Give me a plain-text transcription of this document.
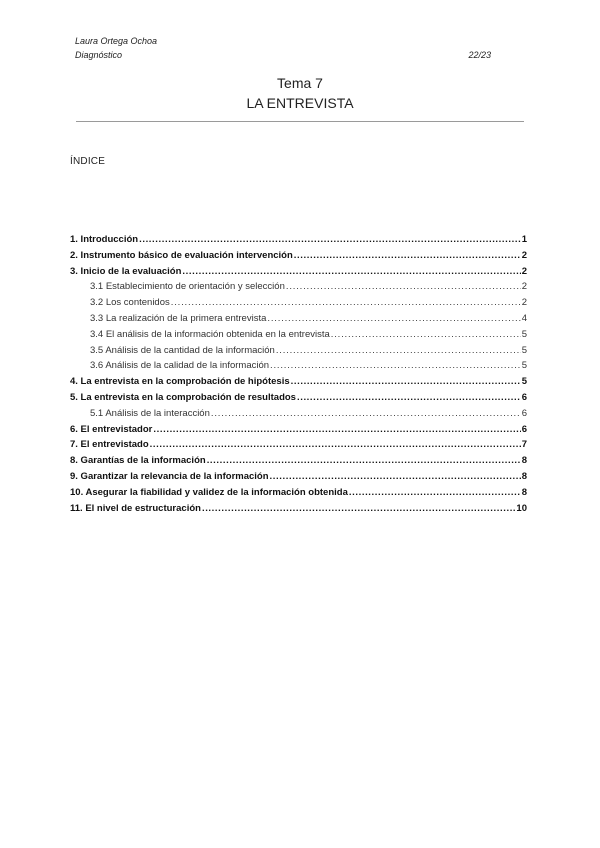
Laura Ortega Ochoa
Diagnóstico	22/23
Tema 7
LA ENTREVISTA
ÍNDICE
1. Introducción .....	1
2. Instrumento básico de evaluación intervención .....	2
3. Inicio de la evaluación .....	2
3.1 Establecimiento de orientación y selección .....	2
3.2 Los contenidos .....	2
3.3 La realización de la primera entrevista .....	4
3.4 El análisis de la información obtenida en la entrevista .....	5
3.5 Análisis de la cantidad de la información .....	5
3.6 Análisis de la calidad de la información .....	5
4. La entrevista en la comprobación de hipótesis .....	5
5. La entrevista en la comprobación de resultados .....	6
5.1 Análisis de la interacción .....	6
6. El entrevistador .....	6
7. El entrevistado .....	7
8. Garantías de la información .....	8
9. Garantizar la relevancia de la información .....	8
10. Asegurar la fiabilidad y validez de la información obtenida .....	8
11. El nivel de estructuración .....	10
